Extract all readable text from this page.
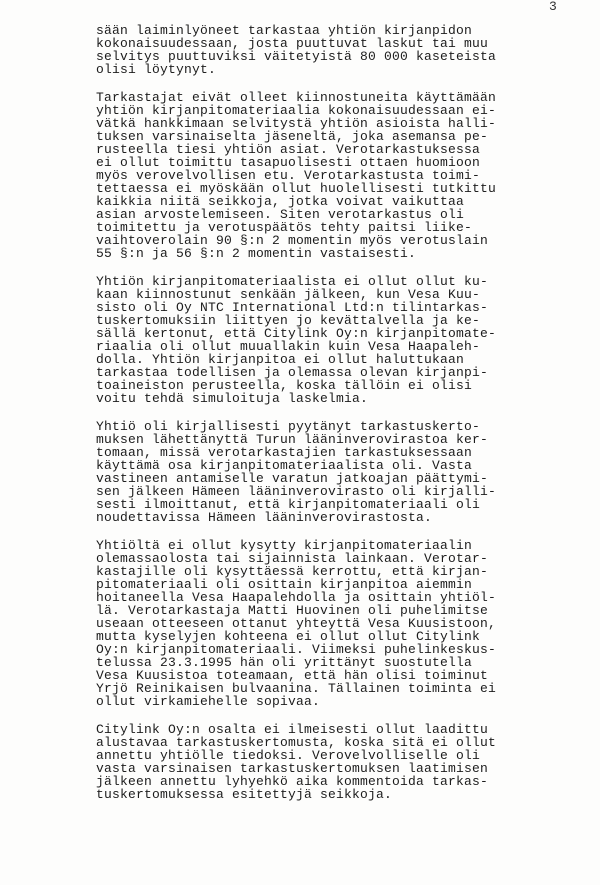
3
sään laiminlyöneet tarkastaa yhtiön kirjanpidon
kokonaisuudessaan, josta puuttuvat laskut tai muu
selvitys puuttuviksi väitetyistä 80 000 kaseteista
olisi löytynyt.
Tarkastajat eivät olleet kiinnostuneita käyttämään
yhtiön kirjanpitomateriaalia kokonaisuudessaan ei-
vätkä hankkimaan selvitystä yhtiön asioista halli-
tuksen varsinaiselta jäseneltä, joka asemansa pe-
rusteella tiesi yhtiön asiat. Verotarkastuksessa
ei ollut toimittu tasapuolisesti ottaen huomioon
myös verovelvollisen etu. Verotarkastusta toimi-
tettaessa ei myöskään ollut huolellisesti tutkittu
kaikkia niitä seikkoja, jotka voivat vaikuttaa
asian arvostelemiseen. Siten verotarkastus oli
toimitettu ja verotuspäätös tehty paitsi liike-
vaihtoverolain 90 §:n 2 momentin myös verotuslain
55 §:n ja 56 §:n 2 momentin vastaisesti.
Yhtiön kirjanpitomateriaalista ei ollut ollut ku-
kaan kiinnostunut senkään jälkeen, kun Vesa Kuu-
sisto oli Oy NTC International Ltd:n tilintarkas-
tuskertomuksiin liittyen jo kevättalvella ja ke-
sällä kertonut, että Citylink Oy:n kirjanpitomate-
riaalia oli ollut muuallakin kuin Vesa Haapaleh-
dolla. Yhtiön kirjanpitoa ei ollut haluttukaan
tarkastaa todellisen ja olemassa olevan kirjanpi-
toaineiston perusteella, koska tällöin ei olisi
voitu tehdä simuloituja laskelmia.
Yhtiö oli kirjallisesti pyytänyt tarkastuskerto-
muksen lähettänyttä Turun lääninverovirastoa ker-
tomaan, missä verotarkastajien tarkastuksessaan
käyttämä osa kirjanpitomateriaalista oli. Vasta
vastineen antamiselle varatun jatkoajan päättymi-
sen jälkeen Hämeen lääninverovirasto oli kirjalli-
sesti ilmoittanut, että kirjanpitomateriaali oli
noudettavissa Hämeen lääninverovirastosta.
Yhtiöltä ei ollut kysytty kirjanpitomateriaalin
olemassaolosta tai sijainnista lainkaan. Verotar-
kastajille oli kysyttäessä kerrottu, että kirjan-
pitomateriaali oli osittain kirjanpitoa aiemmin
hoitaneella Vesa Haapalehdolla ja osittain yhtiöl-
lä. Verotarkastaja Matti Huovinen oli puhelimitse
useaan otteeseen ottanut yhteyttä Vesa Kuusistoon,
mutta kyselyjen kohteena ei ollut ollut Citylink
Oy:n kirjanpitomateriaali. Viimeksi puhelinkeskus-
telussa 23.3.1995 hän oli yrittänyt suostutella
Vesa Kuusistoa toteamaan, että hän olisi toiminut
Yrjö Reinikaisen bulvaanina. Tällainen toiminta ei
ollut virkamiehelle sopivaa.
Citylink Oy:n osalta ei ilmeisesti ollut laadittu
alustavaa tarkastuskertomusta, koska sitä ei ollut
annettu yhtiölle tiedoksi. Verovelvolliselle oli
vasta varsinaisen tarkastuskertomuksen laatimisen
jälkeen annettu lyhyehkö aika kommentoida tarkas-
tuskertomuksessa esitettyjä seikkoja.
